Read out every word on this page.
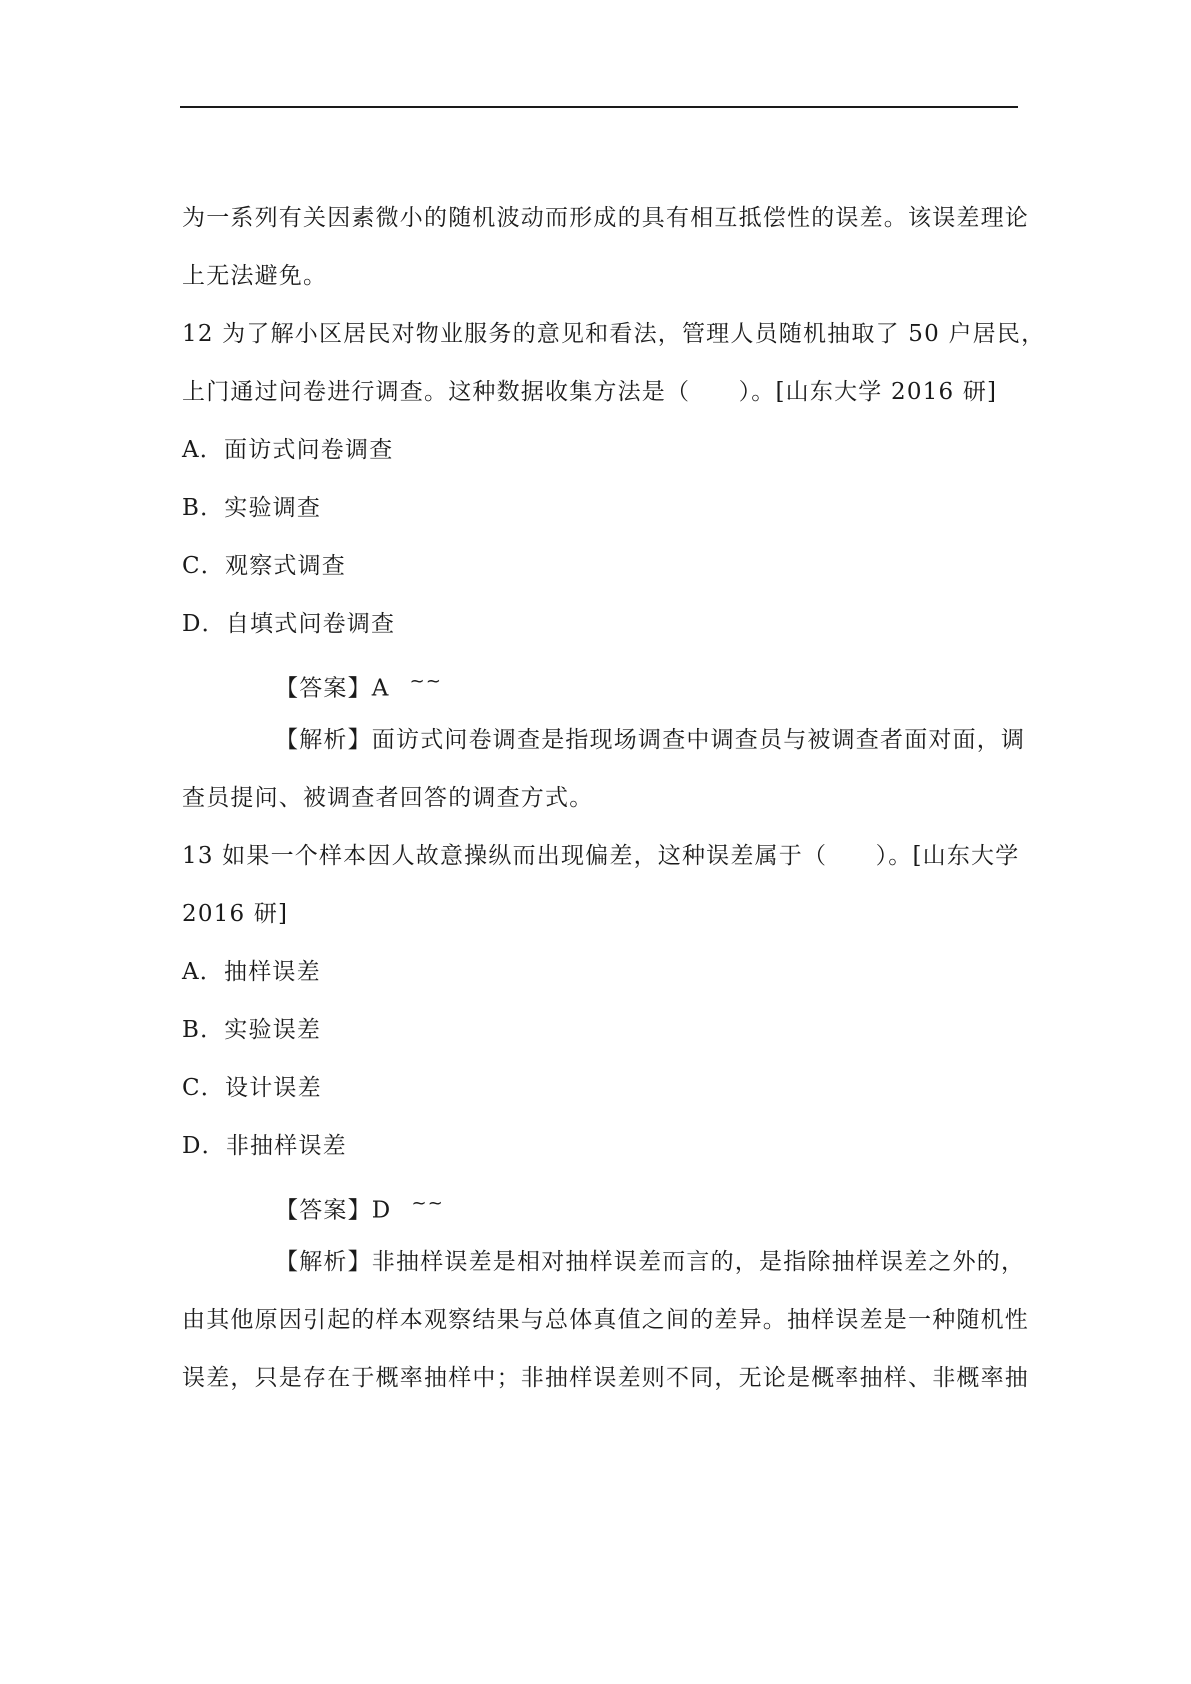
为一系列有关因素微小的随机波动而形成的具有相互抵偿性的误差。该误差理论
上无法避免。
12 为了解小区居民对物业服务的意见和看法，管理人员随机抽取了 50 户居民，
上门通过问卷进行调查。这种数据收集方法是（　　）。[山东大学 2016 研]
A．面访式问卷调查
B．实验调查
C．观察式调查
D．自填式问卷调查
【答案】A ~~
【解析】面访式问卷调查是指现场调查中调查员与被调查者面对面，调
查员提问、被调查者回答的调查方式。
13 如果一个样本因人故意操纵而出现偏差，这种误差属于（　　）。[山东大学
2016 研]
A．抽样误差
B．实验误差
C．设计误差
D．非抽样误差
【答案】D ~~
【解析】非抽样误差是相对抽样误差而言的，是指除抽样误差之外的，
由其他原因引起的样本观察结果与总体真值之间的差异。抽样误差是一种随机性
误差，只是存在于概率抽样中；非抽样误差则不同，无论是概率抽样、非概率抽
